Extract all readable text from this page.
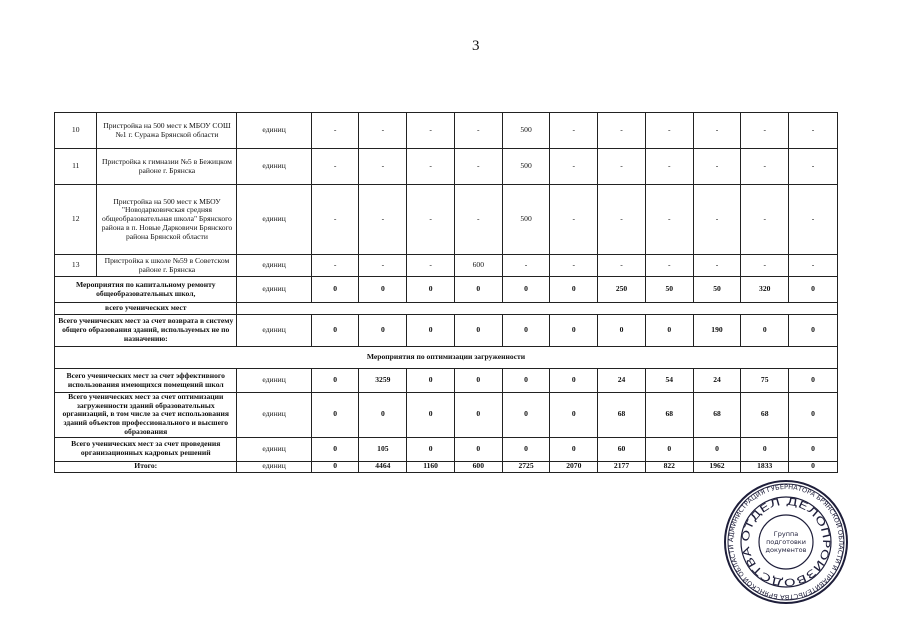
3
10	Пристройка на 500 мест к МБОУ СОШ №1 г. Суража Брянской области	единиц	-	-	-	-	500	-	-	-	-	-	-
11	Пристройка к гимназии №5 в Бежицком районе г. Брянска	единиц	-	-	-	-	500	-	-	-	-	-	-
12	Пристройка на 500 мест к МБОУ "Новодарковичская средняя общеобразовательная школа" Брянского района в п. Новые Дарковичи Брянского района Брянской области	единиц	-	-	-	-	500	-	-	-	-	-	-
13	Пристройка к школе №59 в Советском районе г. Брянска	единиц	-	-	-	600	-	-	-	-	-	-	-
Мероприятия по капитальному ремонту общеобразовательных школ,		единиц	0	0	0	0	0	0	250	50	50	320	0
всего ученических мест													
Всего ученических мест за счет возврата в систему общего образования зданий, используемых не по назначению:		единиц	0	0	0	0	0	0	0	0	190	0	0
Мероприятия по оптимизации загруженности													
Всего ученических мест за счет эффективного использования имеющихся помещений школ		единиц	0	3259	0	0	0	0	24	54	24	75	0
Всего ученических мест за счет оптимизации загруженности зданий образовательных организаций, в том числе за счет использования зданий объектов профессионального и высшего образования		единиц	0	0	0	0	0	0	68	68	68	68	0
Всего ученических мест за счет проведения организационных кадровых решений		единиц	0	105	0	0	0	0	60	0	0	0	0
Итого:		единиц	0	4464	1160	600	2725	2070	2177	822	1962	1833	0
АДМИНИСТРАЦИЯ ГУБЕРНАТОРА БРЯНСКОЙ ОБЛАСТИ И ПРАВИТЕЛЬСТВА БРЯНСКОЙ ОБЛАСТИ
ОТДЕЛ ДЕЛОПРОИЗВОДСТВА
Группа
подготовки
документов
